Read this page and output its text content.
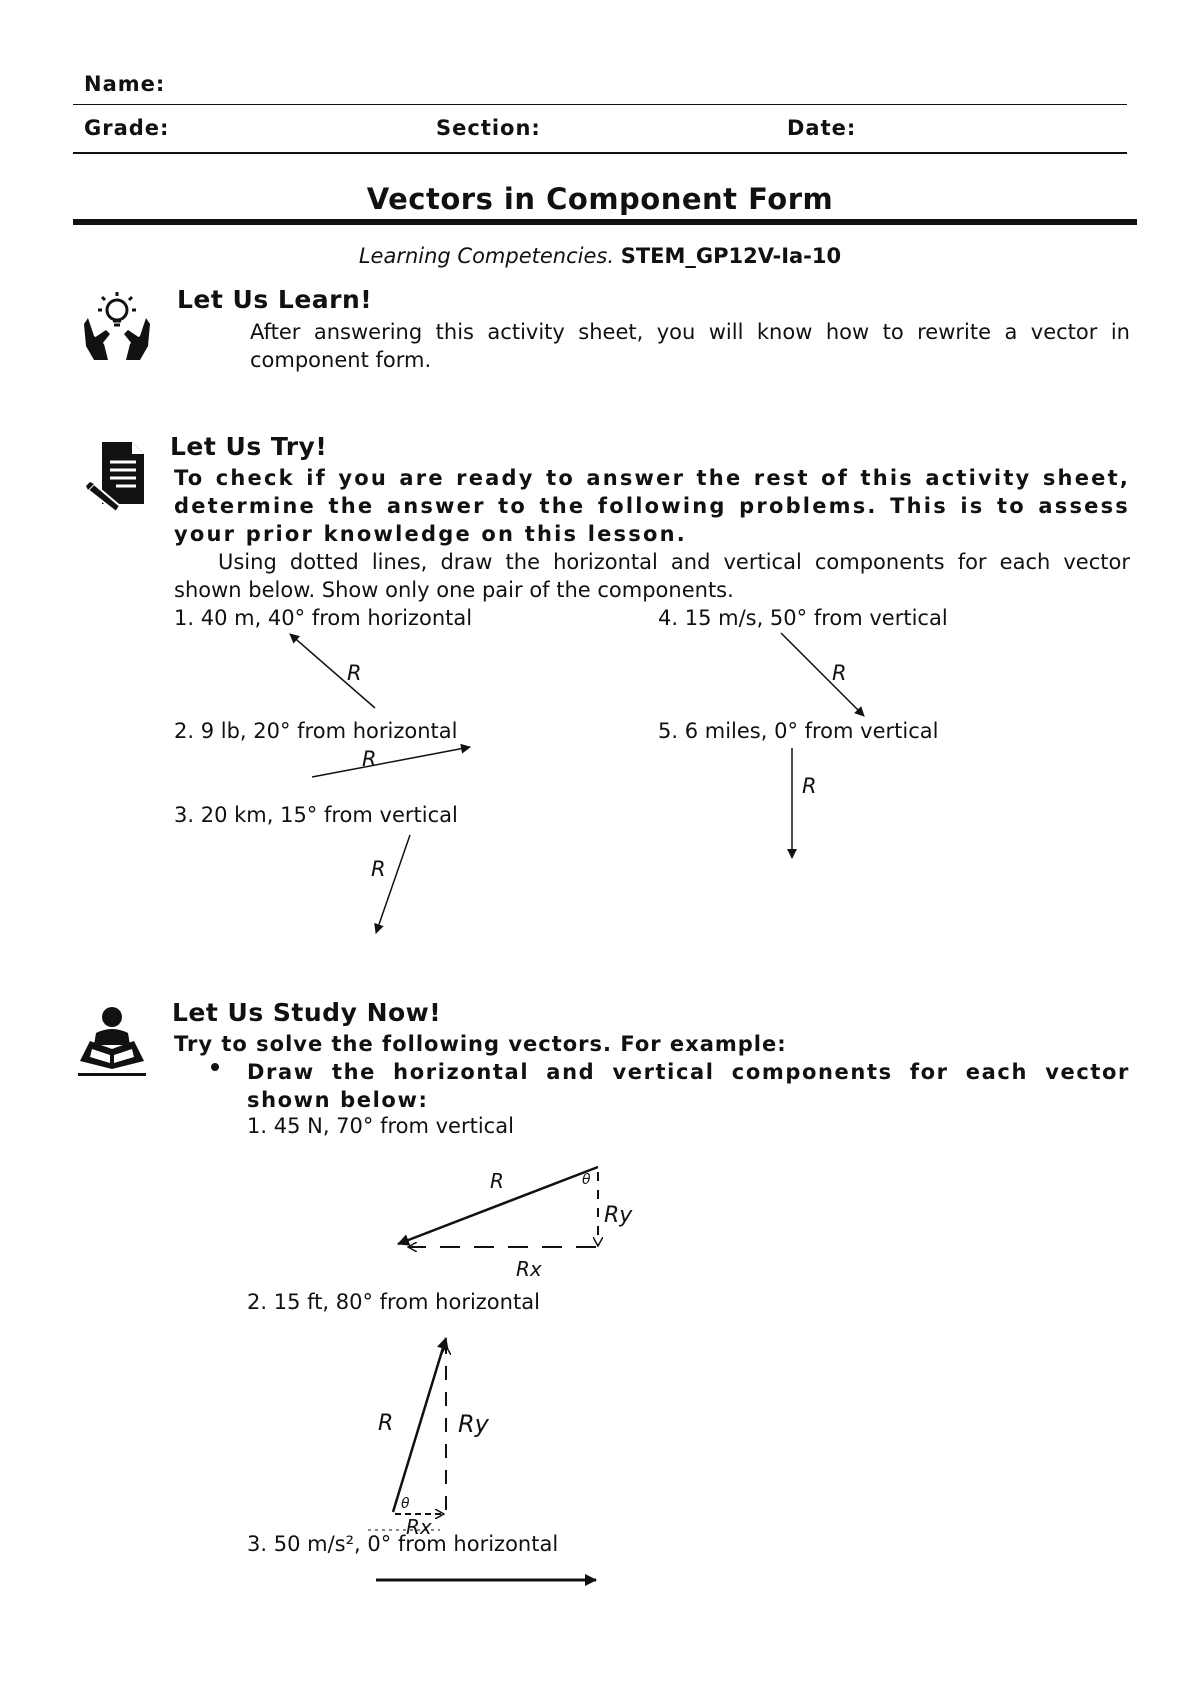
Name:
Grade:	Section:	Date:
Vectors in Component Form
Learning Competencies. STEM_GP12V-Ia-10
Let Us Learn!
After answering this activity sheet, you will know how to rewrite a vector in component form.
Let Us Try!
To check if you are ready to answer the rest of this activity sheet, determine the answer to the following problems. This is to assess your prior knowledge on this lesson.
Using dotted lines, draw the horizontal and vertical components for each vector shown below. Show only one pair of the components.
1. 40 m, 40° from horizontal
2. 9 lb, 20° from horizontal
3. 20 km, 15° from vertical
4. 15 m/s, 50° from vertical
5. 6 miles, 0° from vertical
R
R
R
R
R
Let Us Study Now!
Try to solve the following vectors. For example:
Draw the horizontal and vertical components for each vector shown below:
1. 45 N, 70° from vertical
2. 15 ft, 80° from horizontal
3. 50 m/s², 0° from horizontal
R	θ
Ry
Rx
R	Ry
θ
Rx
